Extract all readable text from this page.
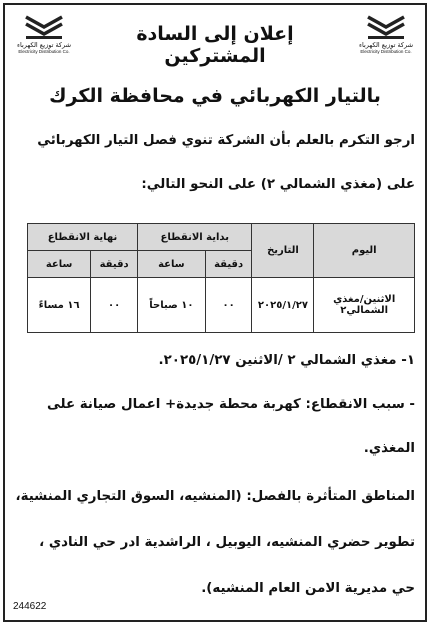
شركة توزيع الكهرباء
Electricity Distribution Co.
شركة توزيع الكهرباء
Electricity Distribution Co.
إعلان إلى السادة المشتركين
بالتيار الكهربائي في محافظة الكرك
ارجو التكرم بالعلم بأن الشركة تنوي فصل التيار الكهربائي
على (مغذي الشمالي ٢) على النحو التالي:
اليوم	التاريخ	بداية الانقطاع		نهاية الانقطاع	
		دقيقة	ساعة	دقيقة	ساعة
الاثنين/مغذي الشمالي٢	٢٠٢٥/١/٢٧	٠٠	١٠ صباحاً	٠٠	١٦ مساءً
١- مغذي الشمالي ٢ /الاثنين ٢٠٢٥/١/٢٧.
- سبب الانقطاع: كهربة محطة جديدة+ اعمال صيانة على
المغذي.
المناطق المتأثرة بالفصل: (المنشيه، السوق التجاري المنشية،
تطوير حضري المنشيه، اليوبيل ، الراشدية ادر حي النادي ،
حي مديرية الامن العام المنشيه).
244622
